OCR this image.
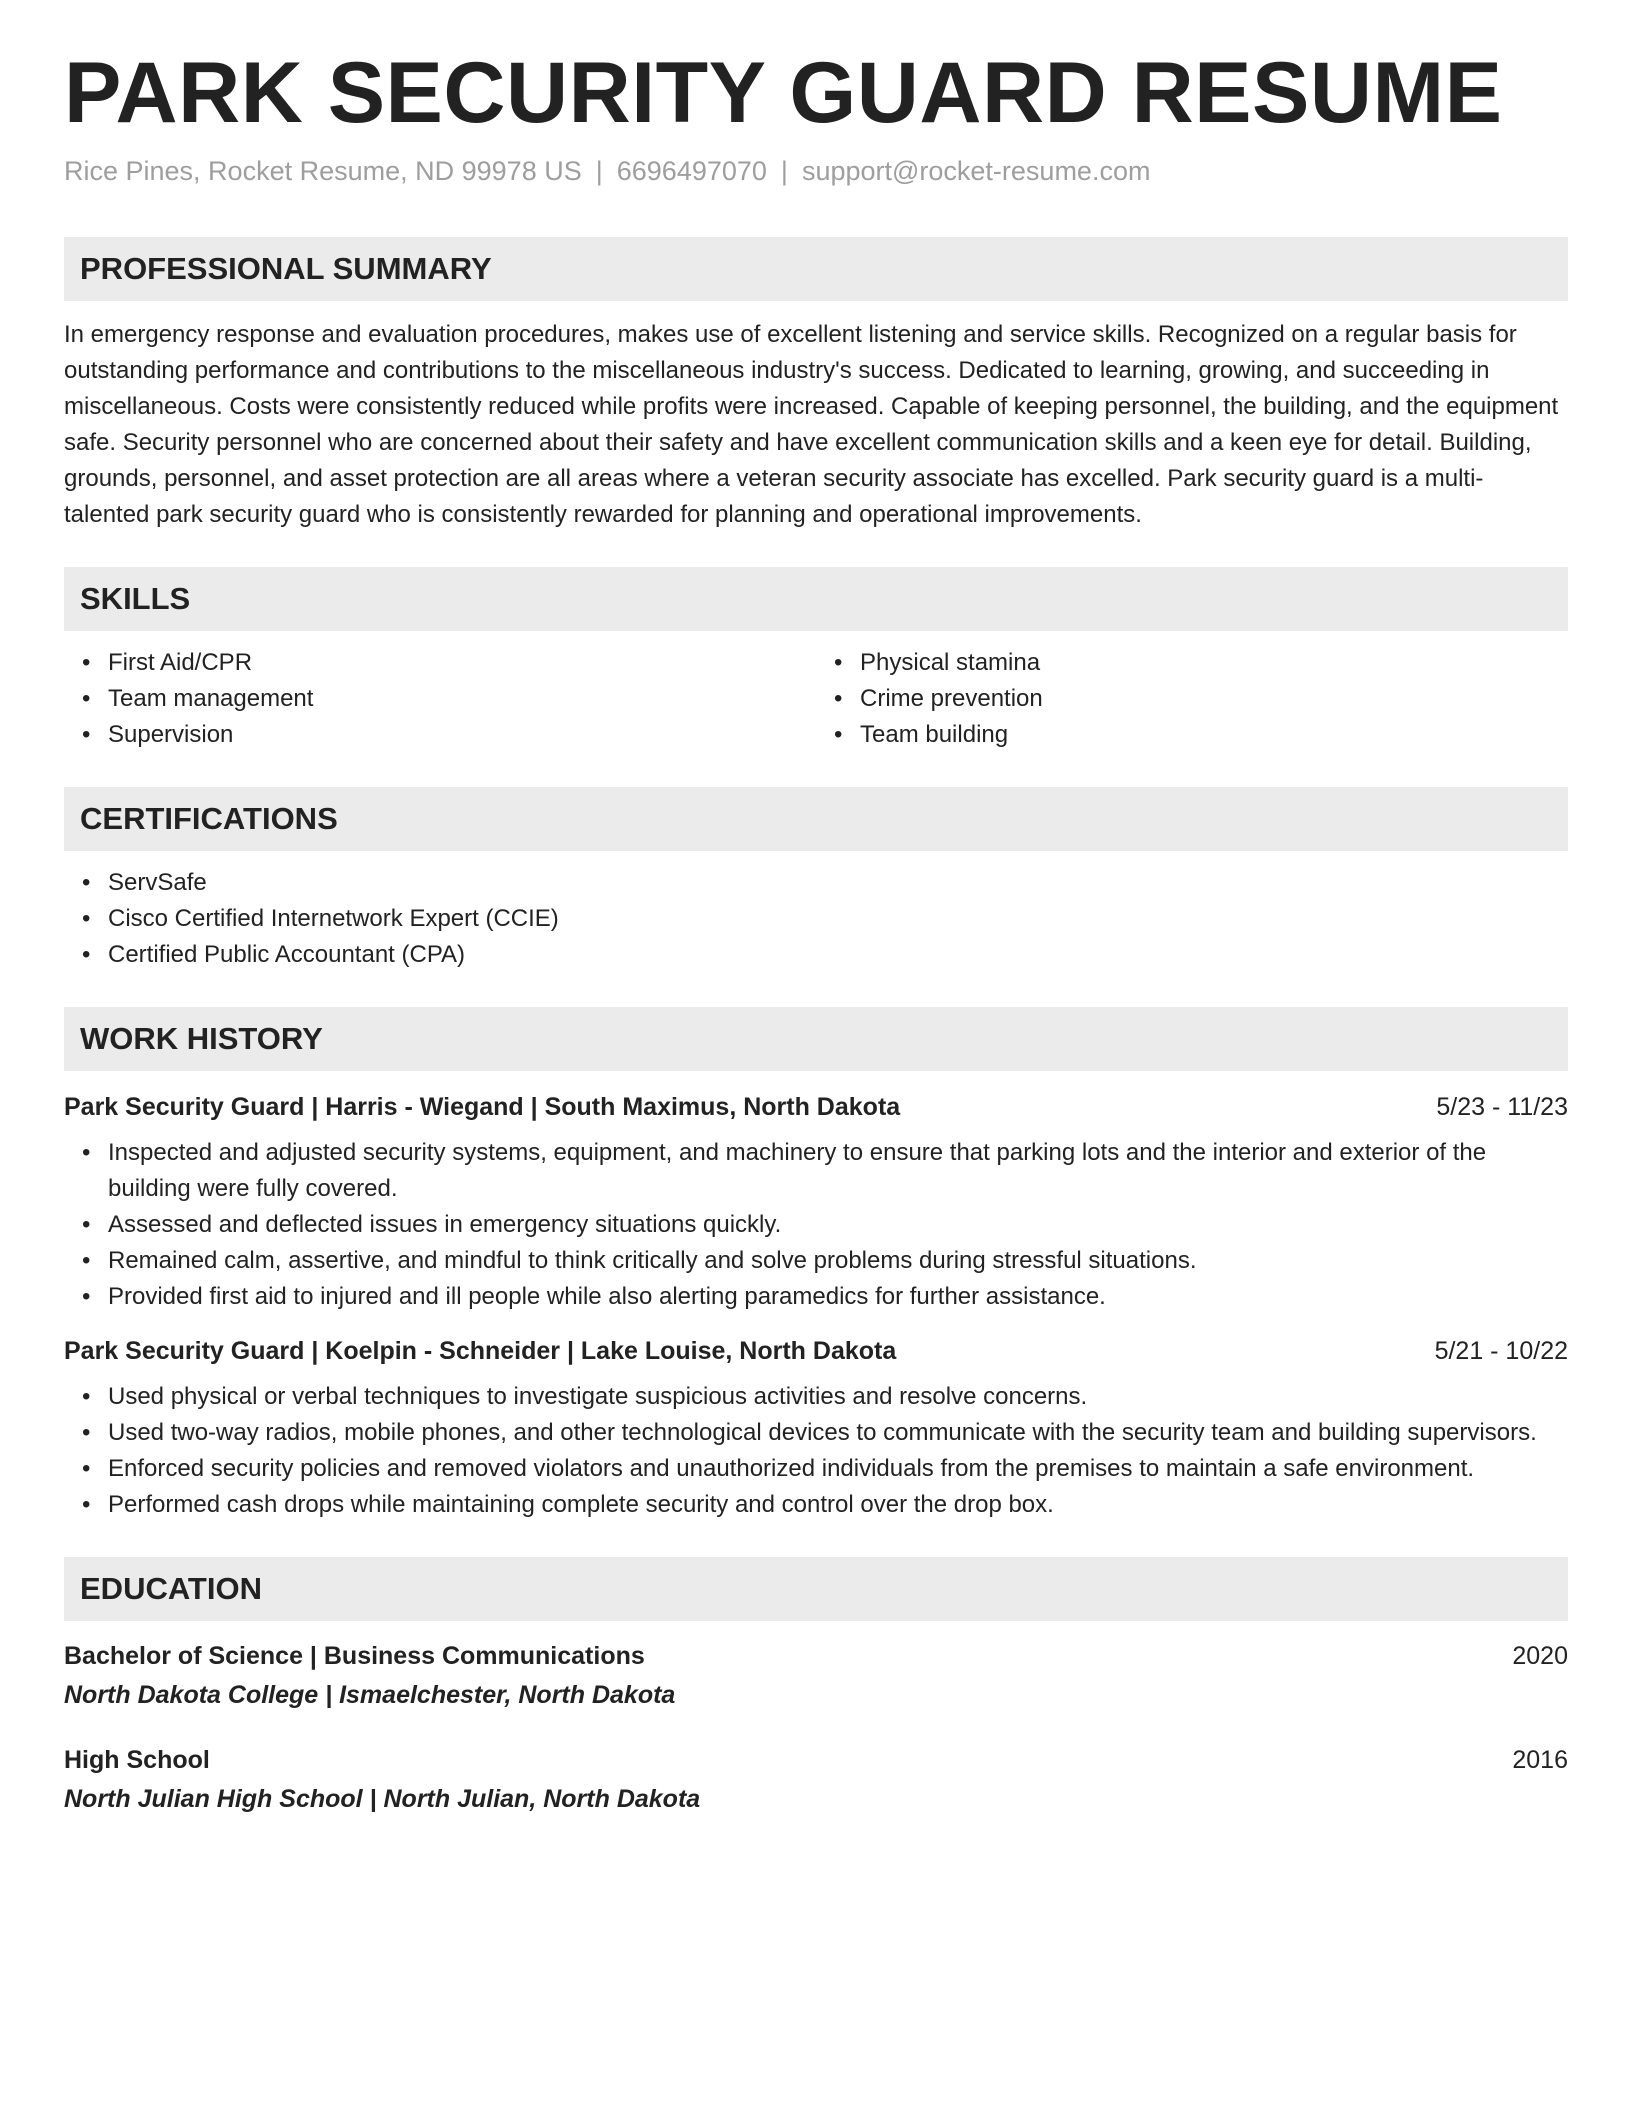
PARK SECURITY GUARD RESUME
Rice Pines, Rocket Resume, ND 99978 US | 6696497070 | support@rocket-resume.com
PROFESSIONAL SUMMARY

In emergency response and evaluation procedures, makes use of excellent listening and service skills. Recognized on a regular basis for outstanding performance and contributions to the miscellaneous industry's success. Dedicated to learning, growing, and succeeding in miscellaneous. Costs were consistently reduced while profits were increased. Capable of keeping personnel, the building, and the equipment safe. Security personnel who are concerned about their safety and have excellent communication skills and a keen eye for detail. Building, grounds, personnel, and asset protection are all areas where a veteran security associate has excelled. Park security guard is a multi-talented park security guard who is consistently rewarded for planning and operational improvements.

SKILLS
• First Aid/CPR
• Team management
• Supervision
• Physical stamina
• Crime prevention
• Team building
CERTIFICATIONS
• ServSafe
• Cisco Certified Internetwork Expert (CCIE)
• Certified Public Accountant (CPA)
WORK HISTORY
Park Security Guard | Harris - Wiegand | South Maximus, North Dakota	5/23 - 11/23
• Inspected and adjusted security systems, equipment, and machinery to ensure that parking lots and the interior and exterior of the building were fully covered.
• Assessed and deflected issues in emergency situations quickly.
• Remained calm, assertive, and mindful to think critically and solve problems during stressful situations.
• Provided first aid to injured and ill people while also alerting paramedics for further assistance.
Park Security Guard | Koelpin - Schneider | Lake Louise, North Dakota	5/21 - 10/22
• Used physical or verbal techniques to investigate suspicious activities and resolve concerns.
• Used two-way radios, mobile phones, and other technological devices to communicate with the security team and building supervisors.
• Enforced security policies and removed violators and unauthorized individuals from the premises to maintain a safe environment.
• Performed cash drops while maintaining complete security and control over the drop box.
EDUCATION
Bachelor of Science | Business Communications	2020
North Dakota College | Ismaelchester, North Dakota
High School	2016
North Julian High School | North Julian, North Dakota
